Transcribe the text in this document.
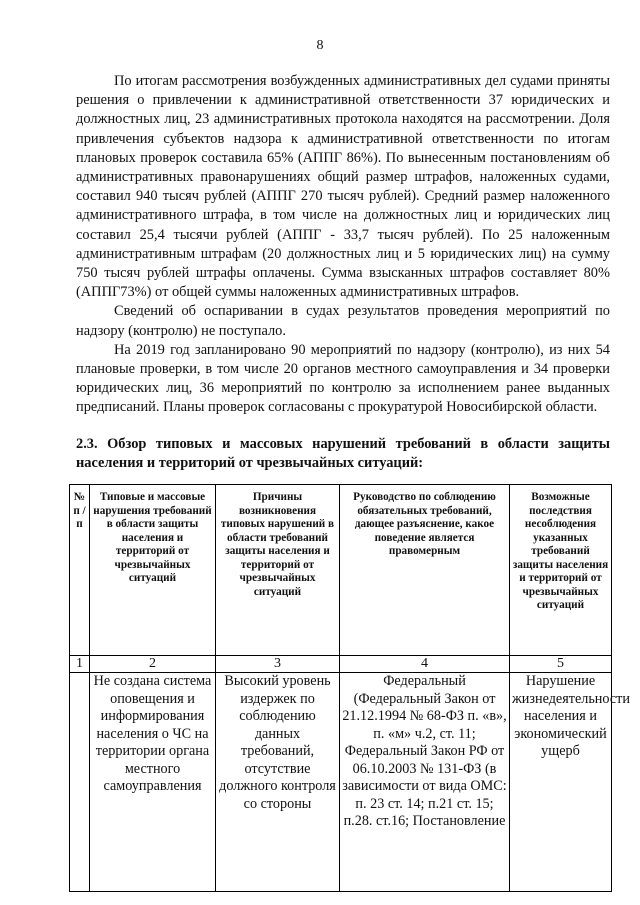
8

По итогам рассмотрения возбужденных административных дел судами приняты решения о привлечении к административной ответственности 37 юридических и должностных лиц, 23 административных протокола находятся на рассмотрении. Доля привлечения субъектов надзора к административной ответственности по итогам плановых проверок составила 65% (АППГ 86%). По вынесенным постановлениям об административных правонарушениях общий размер штрафов, наложенных судами, составил 940 тысяч рублей (АППГ 270 тысяч рублей). Средний размер наложенного административного штрафа, в том числе на должностных лиц и юридических лиц составил 25,4 тысячи рублей (АППГ - 33,7 тысяч рублей). По 25 наложенным административным штрафам (20 должностных лиц и 5 юридических лиц) на сумму 750 тысяч рублей штрафы оплачены. Сумма взысканных штрафов составляет 80% (АППГ73%) от общей суммы наложенных административных штрафов.

Сведений об оспаривании в судах результатов проведения мероприятий по надзору (контролю) не поступало.

На 2019 год запланировано 90 мероприятий по надзору (контролю), из них 54 плановые проверки, в том числе 20 органов местного самоуправления и 34 проверки юридических лиц, 36 мероприятий по контролю за исполнением ранее выданных предписаний. Планы проверок согласованы с прокуратурой Новосибирской области.

2.3. Обзор типовых и массовых нарушений требований в области защиты населения и территорий от чрезвычайных ситуаций:
№ п / п	Типовые и массовые нарушения требований в области защиты населения и территорий от чрезвычайных ситуаций	Причины возникновения типовых нарушений в области требований защиты населения и территорий от чрезвычайных ситуаций	Руководство по соблюдению обязательных требований, дающее разъяснение, какое поведение является правомерным	Возможные последствия несоблюдения указанных требований защиты населения и территорий от чрезвычайных ситуаций
1	2	3	4	5
	Не создана система оповещения и информирования населения о ЧС на территории органа местного самоуправления	Высокий уровень издержек по соблюдению данных требований, отсутствие должного контроля со стороны	Федеральный (Федеральный Закон от 21.12.1994 № 68-ФЗ п. «в», п. «м» ч.2, ст. 11; Федеральный Закон РФ от 06.10.2003 № 131-ФЗ (в зависимости от вида ОМС: п. 23 ст. 14; п.21 ст. 15; п.28. ст.16; Постановление	Нарушение жизнедеятельности населения и экономический ущерб
